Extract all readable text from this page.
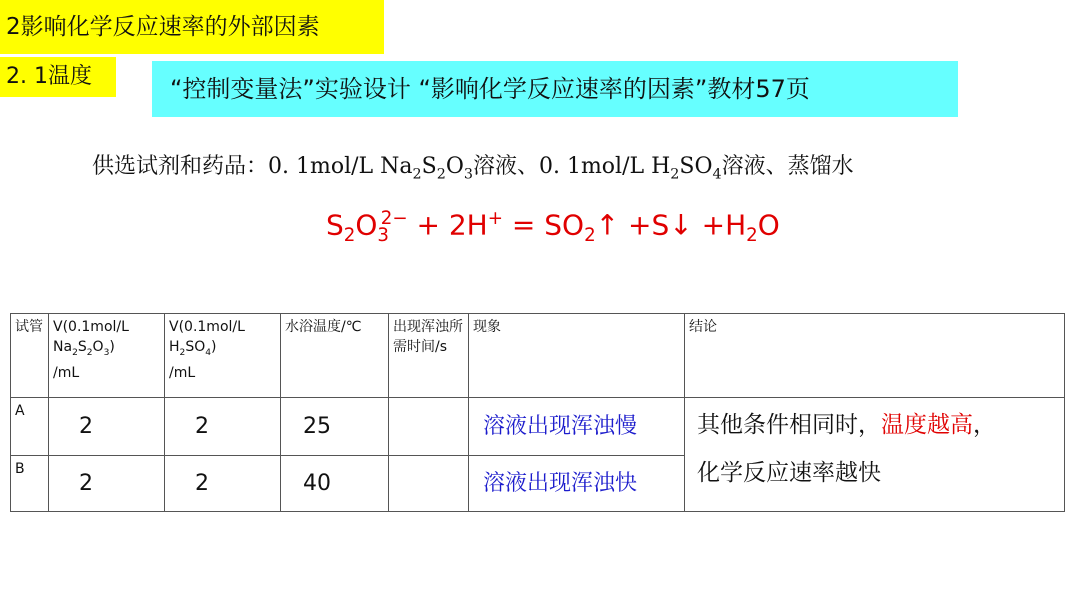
2影响化学反应速率的外部因素
2. 1温度	“控制变量法”实验设计 “影响化学反应速率的因素”教材57页
供选试剂和药品：0. 1mol/L $Na_2S_2O_3$溶液、0. 1mol/L $H_2SO_4$溶液、蒸馏水
$S_2O_3^{2-} + 2H^+$ = $SO_2↑$ +S↓ $+H_2O$
试管	V(0.1mol/L
$Na_2S_2O_3$)
/mL	V(0.1mol/L
$H_2SO_4$)
/mL	水浴温度/℃	出现浑浊所需时间/s	现象	结论
A	2	2	25		溶液出现浑浊慢	其他条件相同时，温度越高，
化学反应速率越快
B	2	2	40		溶液出现浑浊快	
